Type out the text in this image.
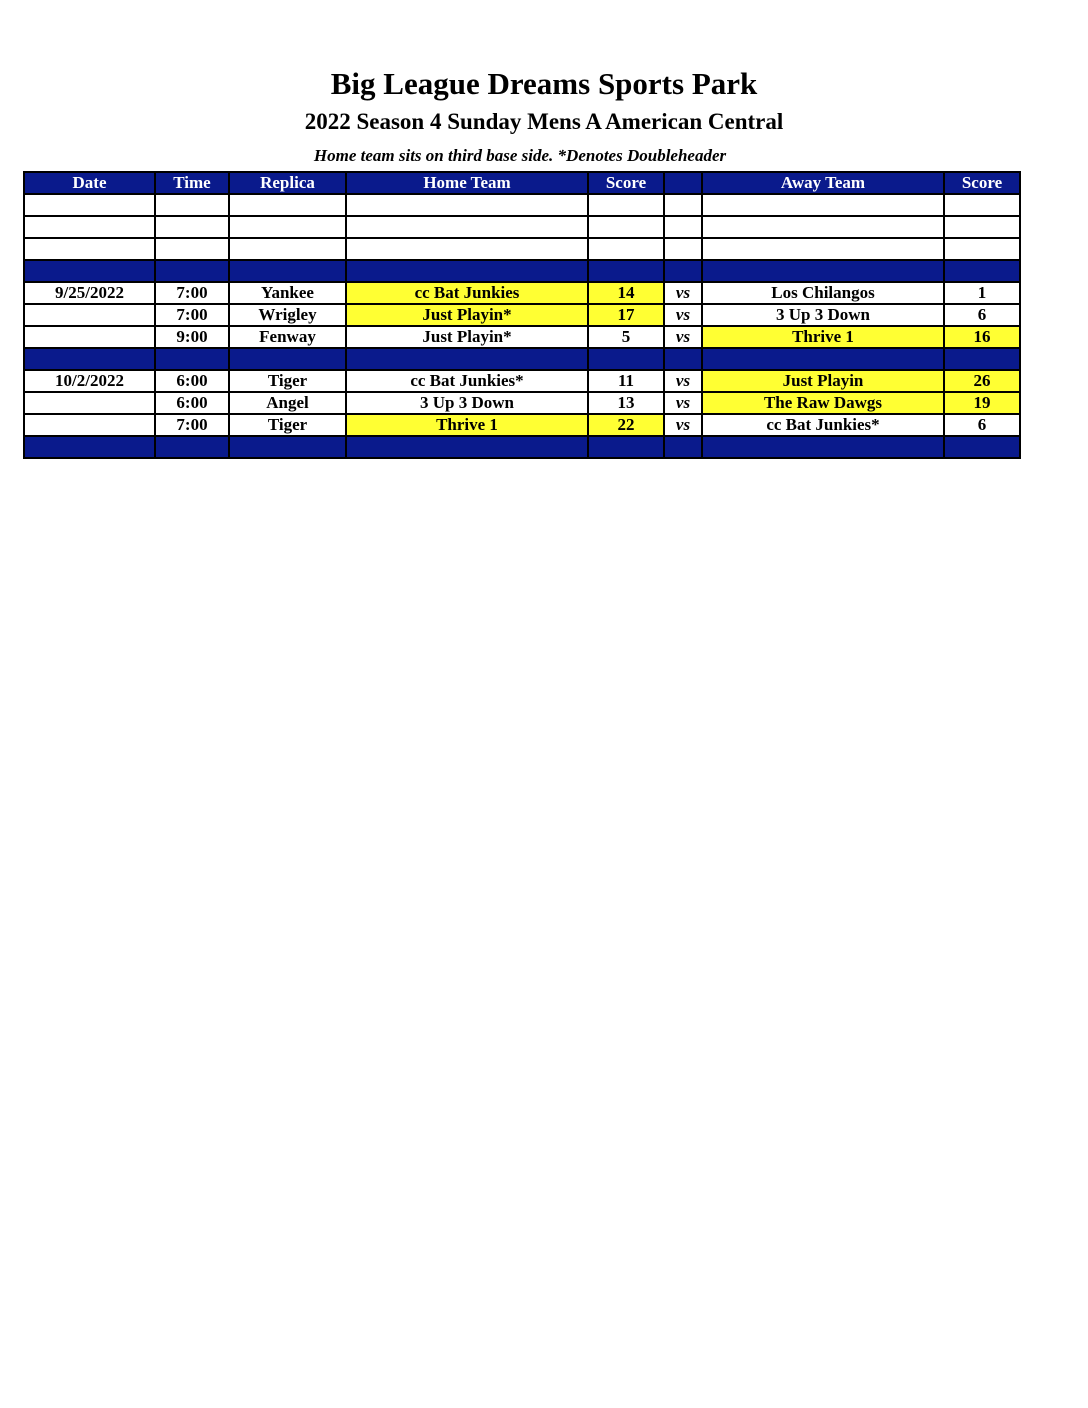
Big League Dreams Sports Park
2022 Season 4 Sunday Mens A American Central
Home team sits on third base side. *Denotes Doubleheader
Date	Time	Replica	Home Team	Score		Away Team	Score

9/25/2022	7:00	Yankee	cc Bat Junkies	14	vs	Los Chilangos	1
	7:00	Wrigley	Just Playin*	17	vs	3 Up 3 Down	6
	9:00	Fenway	Just Playin*	5	vs	Thrive 1	16

10/2/2022	6:00	Tiger	cc Bat Junkies*	11	vs	Just Playin	26
	6:00	Angel	3 Up 3 Down	13	vs	The Raw Dawgs	19
	7:00	Tiger	Thrive 1	22	vs	cc Bat Junkies*	6
